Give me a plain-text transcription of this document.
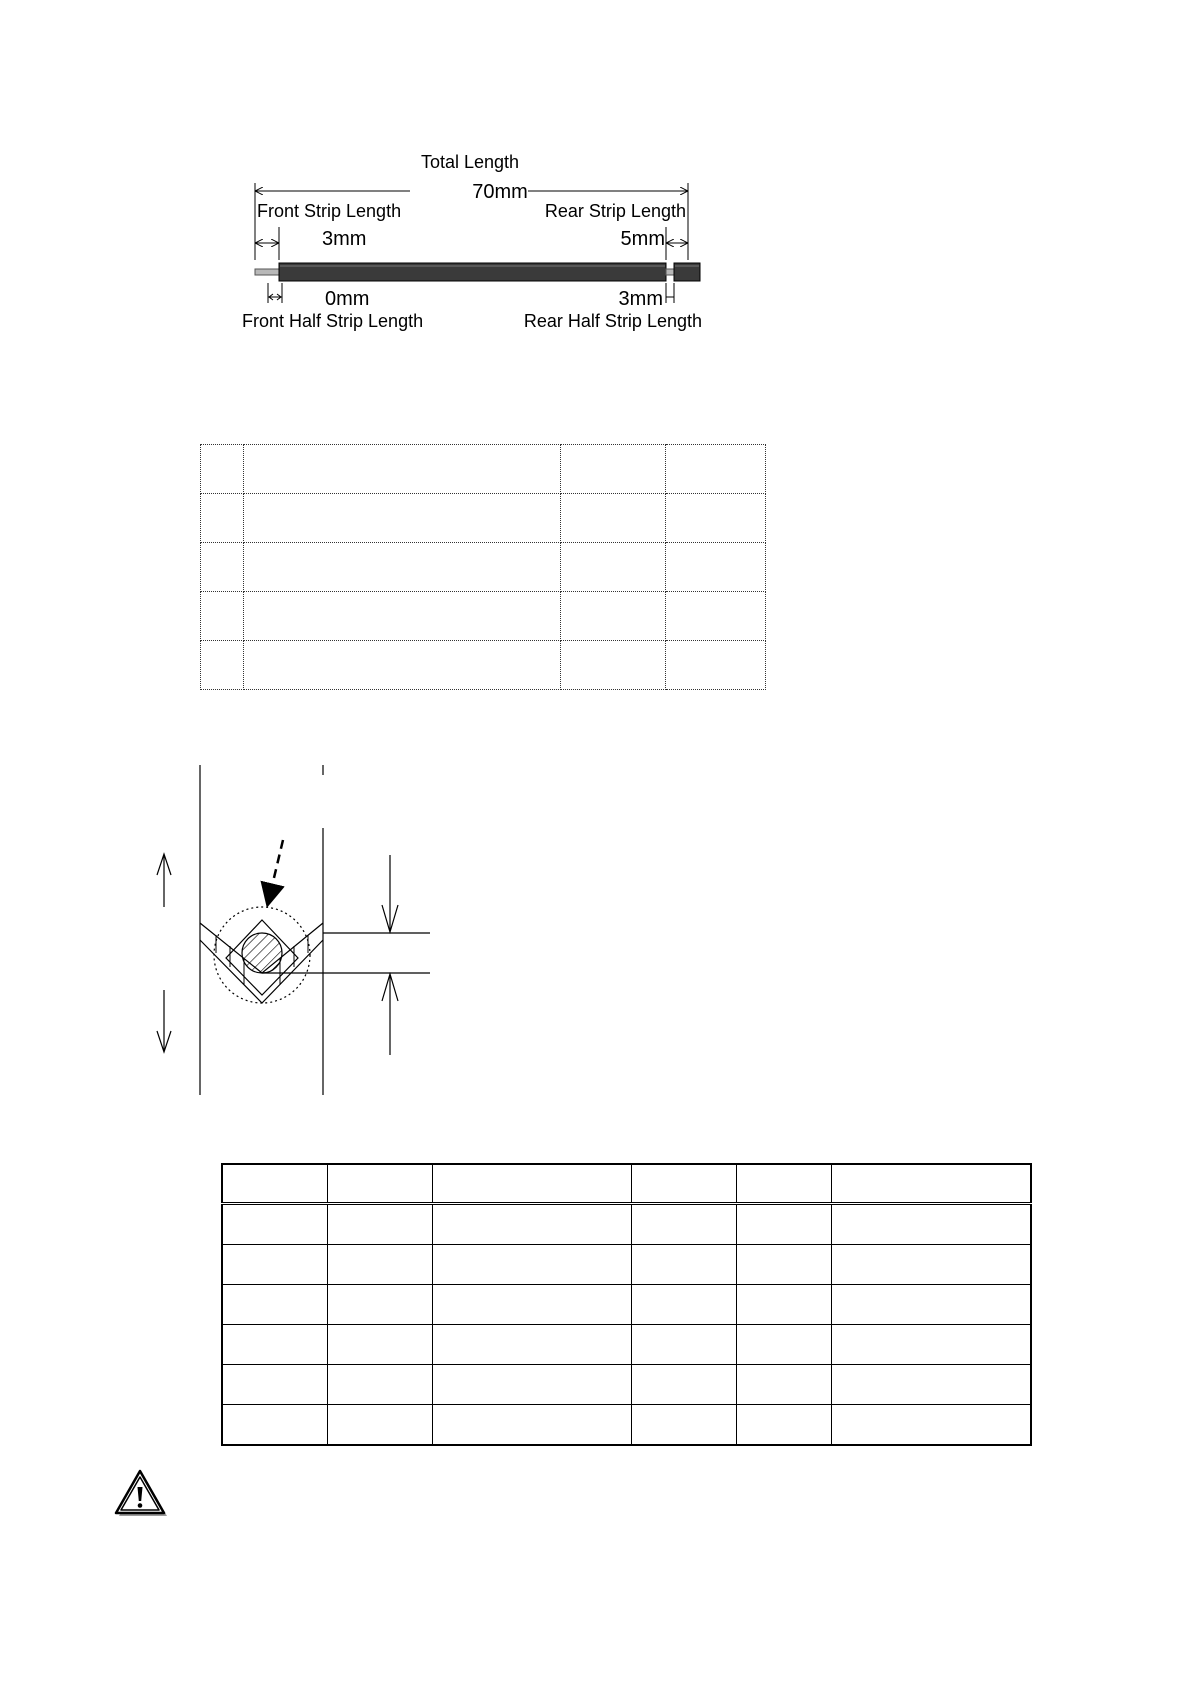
Total Length
70mm
Front Strip Length
3mm
Rear Strip Length
5mm
0mm
Front Half Strip Length
3mm
Rear Half Strip Length
